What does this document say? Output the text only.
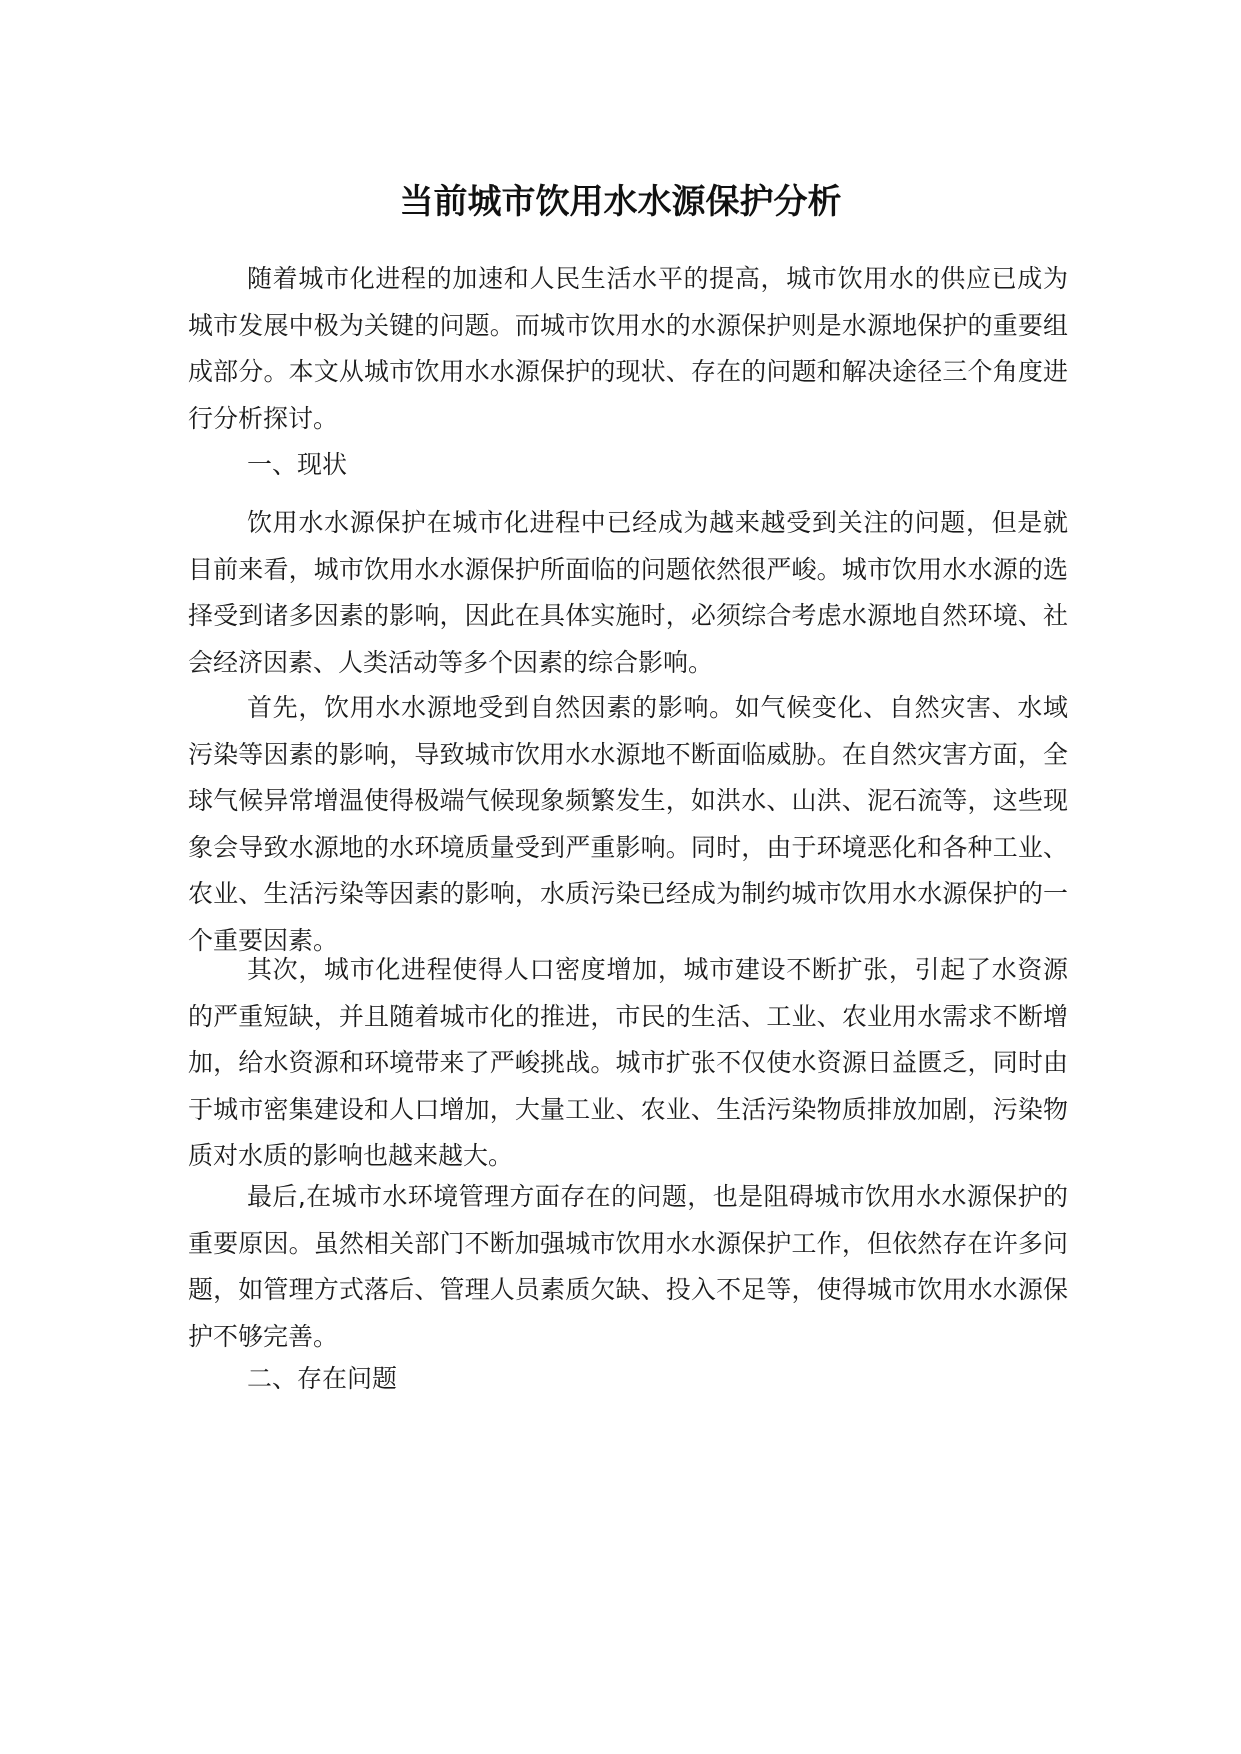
当前城市饮用水水源保护分析

随着城市化进程的加速和人民生活水平的提高，城市饮用水的供应已成为城市发展中极为关键的问题。而城市饮用水的水源保护则是水源地保护的重要组成部分。本文从城市饮用水水源保护的现状、存在的问题和解决途径三个角度进行分析探讨。

一、现状

饮用水水源保护在城市化进程中已经成为越来越受到关注的问题，但是就目前来看，城市饮用水水源保护所面临的问题依然很严峻。城市饮用水水源的选择受到诸多因素的影响，因此在具体实施时，必须综合考虑水源地自然环境、社会经济因素、人类活动等多个因素的综合影响。

首先，饮用水水源地受到自然因素的影响。如气候变化、自然灾害、水域污染等因素的影响，导致城市饮用水水源地不断面临威胁。在自然灾害方面，全球气候异常增温使得极端气候现象频繁发生，如洪水、山洪、泥石流等，这些现象会导致水源地的水环境质量受到严重影响。同时，由于环境恶化和各种工业、农业、生活污染等因素的影响，水质污染已经成为制约城市饮用水水源保护的一个重要因素。

其次，城市化进程使得人口密度增加，城市建设不断扩张，引起了水资源的严重短缺，并且随着城市化的推进，市民的生活、工业、农业用水需求不断增加，给水资源和环境带来了严峻挑战。城市扩张不仅使水资源日益匮乏，同时由于城市密集建设和人口增加，大量工业、农业、生活污染物质排放加剧，污染物质对水质的影响也越来越大。

最后,在城市水环境管理方面存在的问题，也是阻碍城市饮用水水源保护的重要原因。虽然相关部门不断加强城市饮用水水源保护工作，但依然存在许多问题，如管理方式落后、管理人员素质欠缺、投入不足等，使得城市饮用水水源保护不够完善。

二、存在问题
